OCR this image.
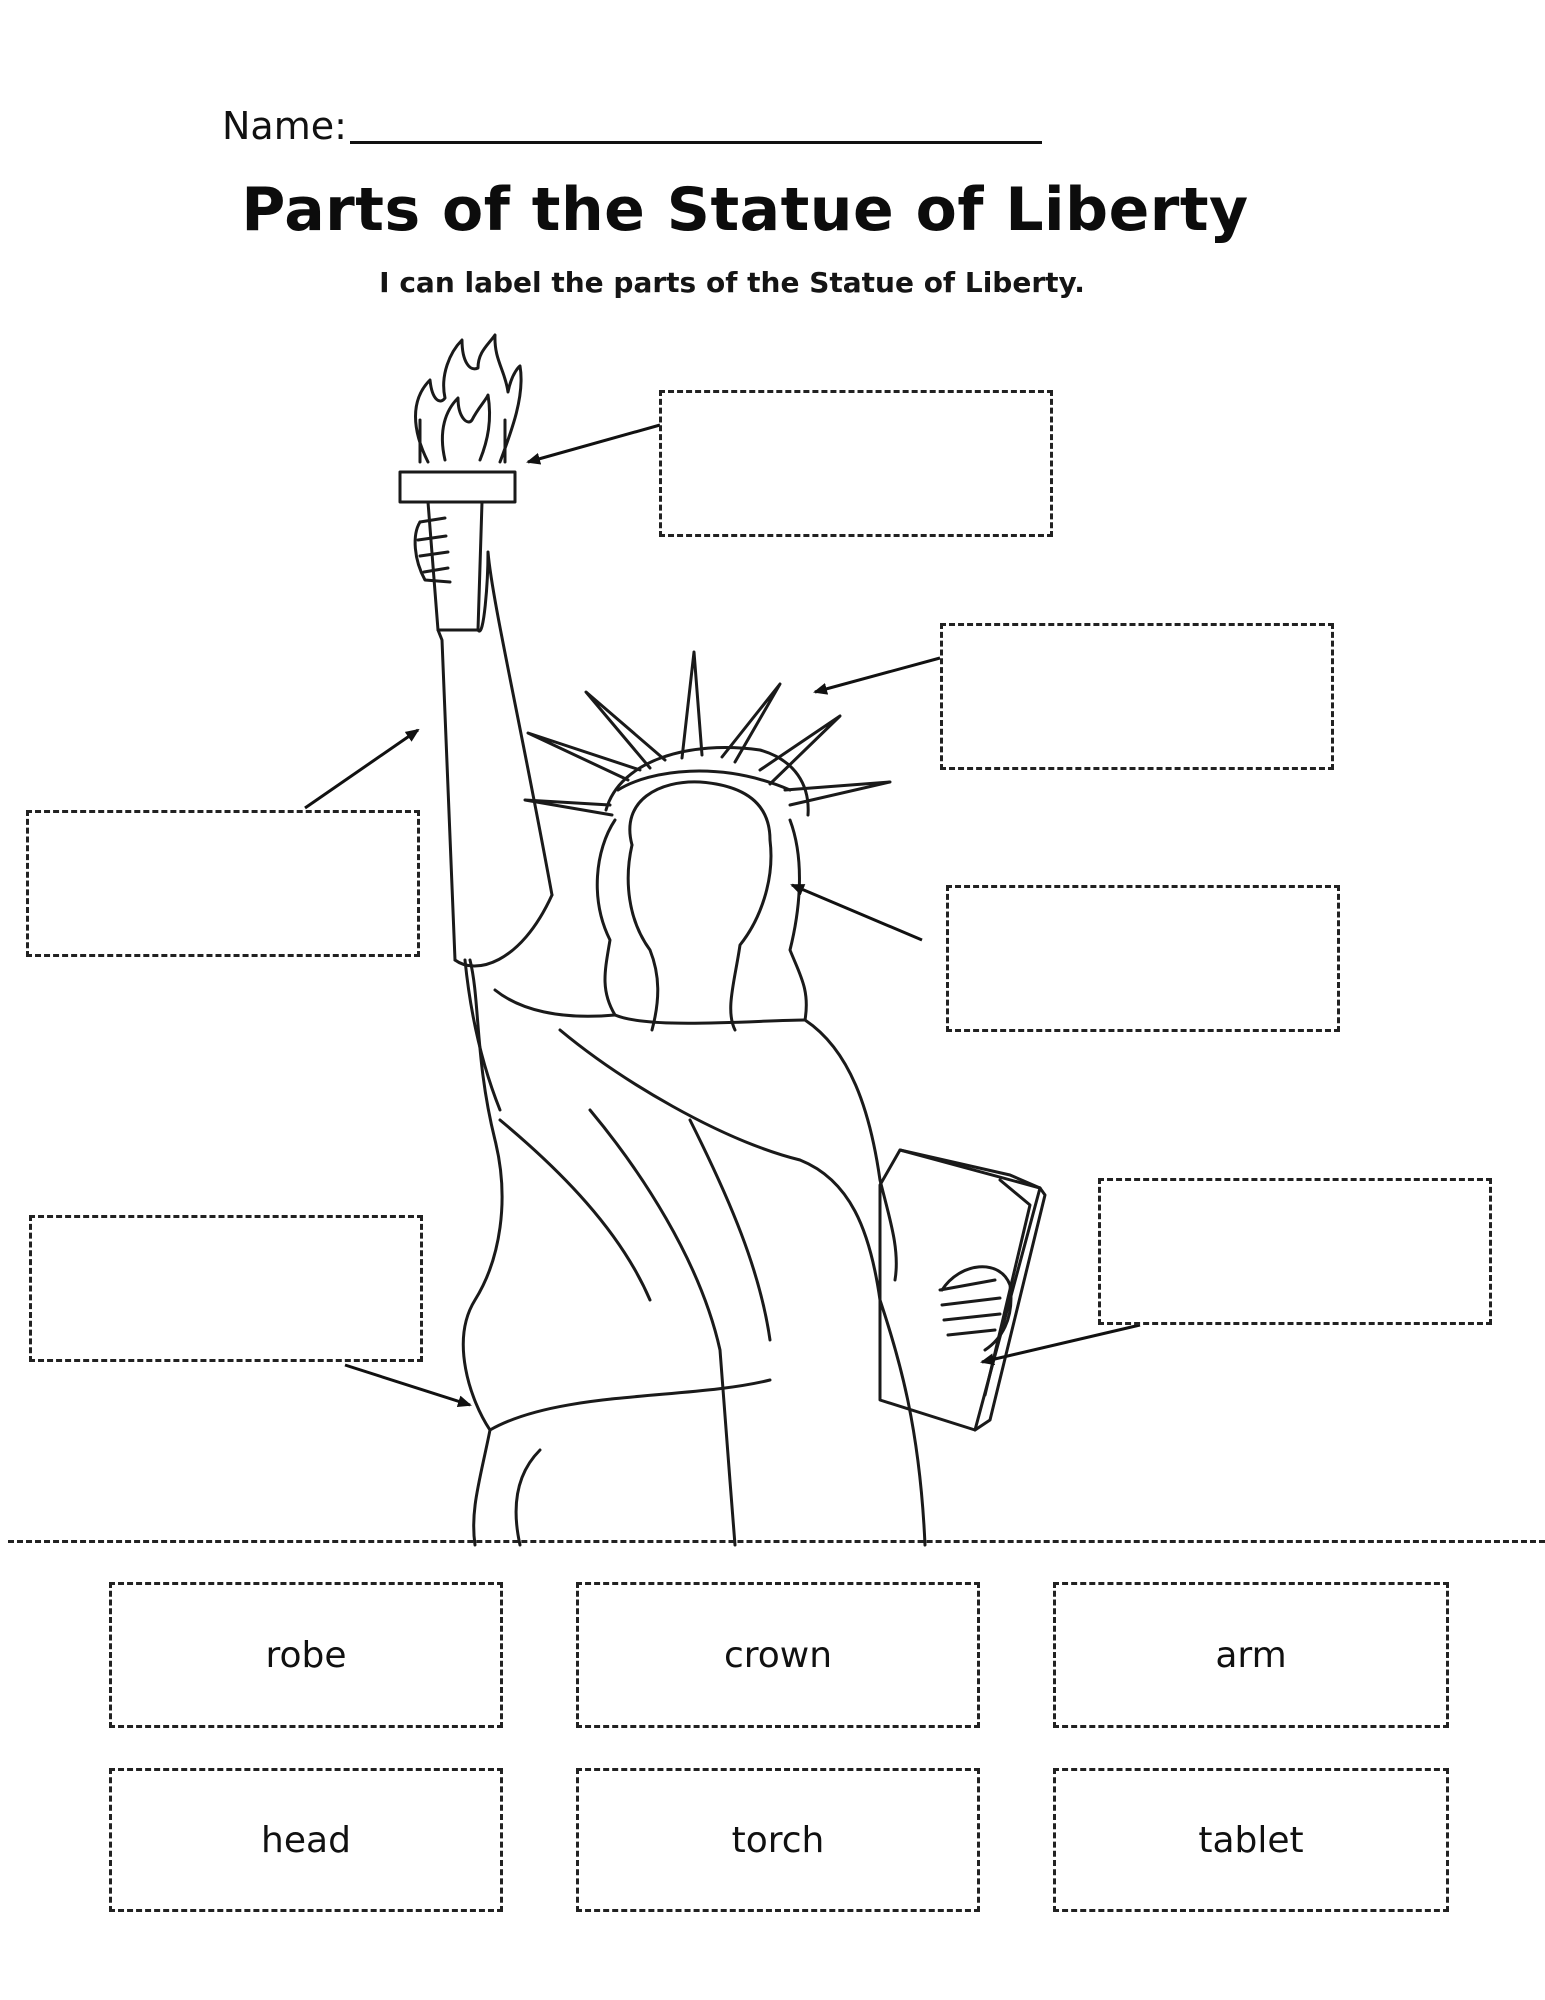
Name:
Parts of the Statue of Liberty
I can label the parts of the Statue of Liberty.
robe	crown	arm
head	torch	tablet
